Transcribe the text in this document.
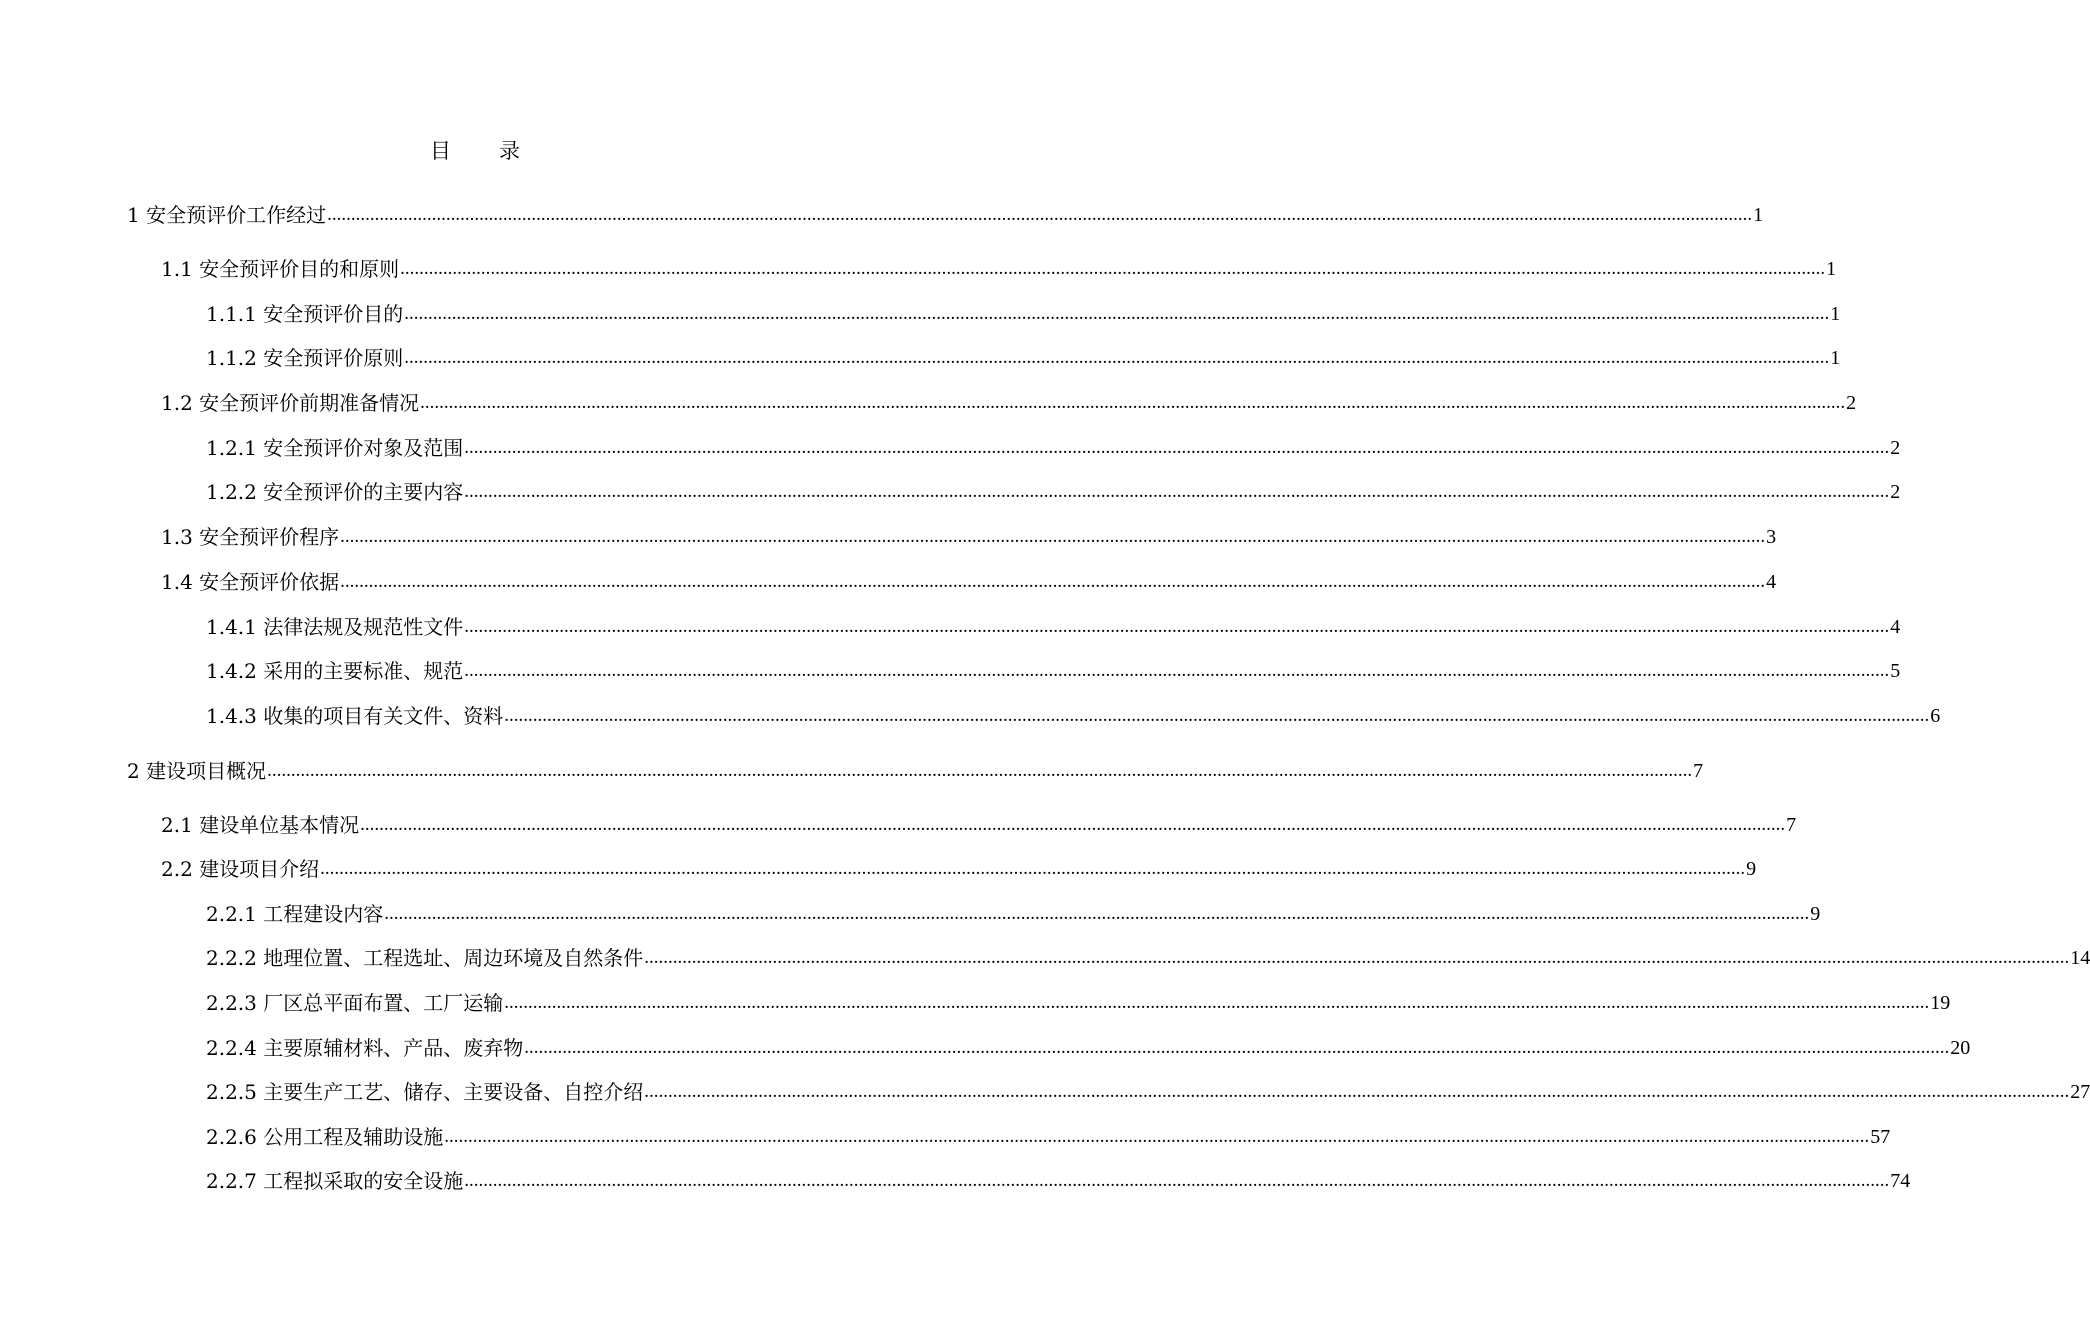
目 录
1 安全预评价工作经过 ............................................................................................................................................................................................................................................................................................................ 1
1.1 安全预评价目的和原则 ............................................................................................................................................................................................................................................................................................................ 1
1.1.1 安全预评价目的 ............................................................................................................................................................................................................................................................................................................ 1
1.1.2 安全预评价原则 ............................................................................................................................................................................................................................................................................................................ 1
1.2 安全预评价前期准备情况 ............................................................................................................................................................................................................................................................................................................ 2
1.2.1 安全预评价对象及范围 ............................................................................................................................................................................................................................................................................................................ 2
1.2.2 安全预评价的主要内容 ............................................................................................................................................................................................................................................................................................................ 2
1.3 安全预评价程序 ............................................................................................................................................................................................................................................................................................................ 3
1.4 安全预评价依据 ............................................................................................................................................................................................................................................................................................................ 4
1.4.1 法律法规及规范性文件 ............................................................................................................................................................................................................................................................................................................ 4
1.4.2 采用的主要标准、规范 ............................................................................................................................................................................................................................................................................................................ 5
1.4.3 收集的项目有关文件、资料 ............................................................................................................................................................................................................................................................................................................ 6
2 建设项目概况 ............................................................................................................................................................................................................................................................................................................ 7
2.1 建设单位基本情况 ............................................................................................................................................................................................................................................................................................................ 7
2.2 建设项目介绍 ............................................................................................................................................................................................................................................................................................................ 9
2.2.1 工程建设内容 ............................................................................................................................................................................................................................................................................................................ 9
2.2.2 地理位置、工程选址、周边环境及自然条件 ............................................................................................................................................................................................................................................................................................................ 14
2.2.3 厂区总平面布置、工厂运输 ............................................................................................................................................................................................................................................................................................................ 19
2.2.4 主要原辅材料、产品、废弃物 ............................................................................................................................................................................................................................................................................................................ 20
2.2.5 主要生产工艺、储存、主要设备、自控介绍 ............................................................................................................................................................................................................................................................................................................ 27
2.2.6 公用工程及辅助设施 ............................................................................................................................................................................................................................................................................................................ 57
2.2.7 工程拟采取的安全设施 ............................................................................................................................................................................................................................................................................................................ 74
